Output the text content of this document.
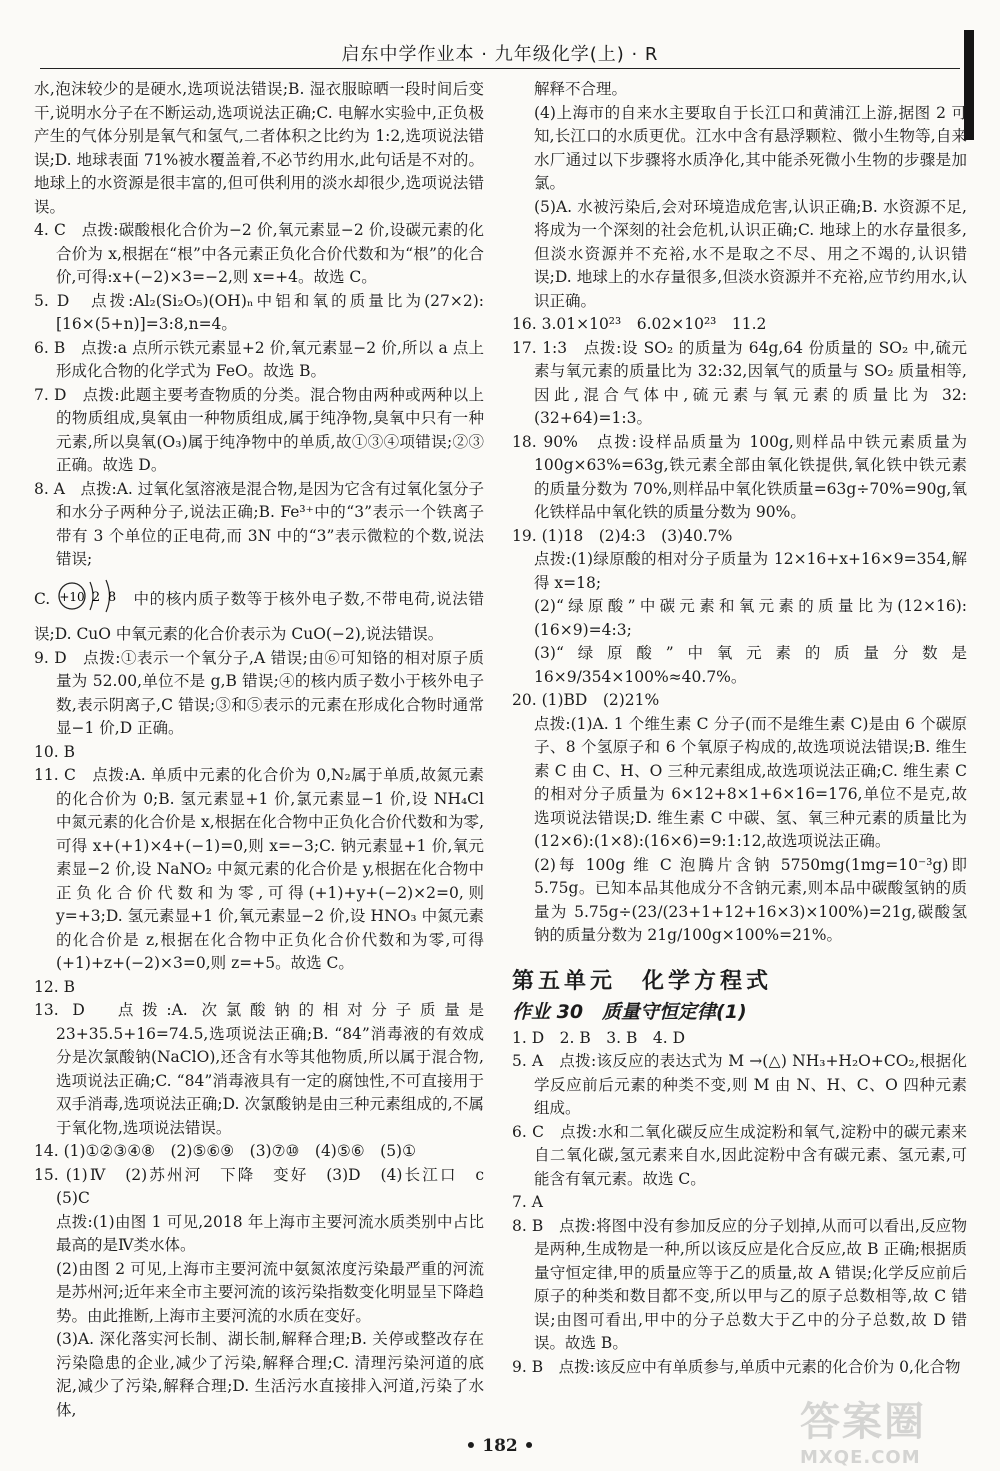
启东中学作业本 · 九年级化学(上) · R

水,泡沫较少的是硬水,选项说法错误;B. 湿衣服晾晒一段时间后变干,说明水分子在不断运动,选项说法正确;C. 电解水实验中,正负极产生的气体分别是氧气和氢气,二者体积之比约为 1:2,选项说法错误;D. 地球表面 71%被水覆盖着,不必节约用水,此句话是不对的。地球上的水资源是很丰富的,但可供利用的淡水却很少,选项说法错误。

4. C　点拨:碳酸根化合价为−2 价,氧元素显−2 价,设碳元素的化合价为 x,根据在“根”中各元素正负化合价代数和为“根”的化合价,可得:x+(−2)×3=−2,则 x=+4。故选 C。

5. D　点拨:Al₂(Si₂O₅)(OH)ₙ中铝和氧的质量比为(27×2):[16×(5+n)]=3:8,n=4。

6. B　点拨:a 点所示铁元素显+2 价,氧元素显−2 价,所以 a 点上形成化合物的化学式为 FeO。故选 B。

7. D　点拨:此题主要考查物质的分类。混合物由两种或两种以上的物质组成,臭氧由一种物质组成,属于纯净物,臭氧中只有一种元素,所以臭氧(O₃)属于纯净物中的单质,故①③④项错误;②③正确。故选 D。

8. A　点拨:A. 过氧化氢溶液是混合物,是因为它含有过氧化氢分子和水分子两种分子,说法正确;B. Fe³⁺中的“3”表示一个铁离子带有 3 个单位的正电荷,而 3N 中的“3”表示微粒的个数,说法错误;

C. +10 2 8 中的核内质子数等于核外电子数,不带电荷,说法错误;D. CuO 中氧元素的化合价表示为 CuO(−2),说法错误。

9. D　点拨:①表示一个氧分子,A 错误;由⑥可知铬的相对原子质量为 52.00,单位不是 g,B 错误;④的核内质子数小于核外电子数,表示阴离子,C 错误;③和⑤表示的元素在形成化合物时通常显−1 价,D 正确。

10. B

11. C　点拨:A. 单质中元素的化合价为 0,N₂属于单质,故氮元素的化合价为 0;B. 氢元素显+1 价,氯元素显−1 价,设 NH₄Cl 中氮元素的化合价是 x,根据在化合物中正负化合价代数和为零,可得 x+(+1)×4+(−1)=0,则 x=−3;C. 钠元素显+1 价,氧元素显−2 价,设 NaNO₂ 中氮元素的化合价是 y,根据在化合物中正负化合价代数和为零,可得(+1)+y+(−2)×2=0,则 y=+3;D. 氢元素显+1 价,氧元素显−2 价,设 HNO₃ 中氮元素的化合价是 z,根据在化合物中正负化合价代数和为零,可得(+1)+z+(−2)×3=0,则 z=+5。故选 C。

12. B

13. D　点拨:A. 次氯酸钠的相对分子质量是 23+35.5+16=74.5,选项说法正确;B. “84”消毒液的有效成分是次氯酸钠(NaClO),还含有水等其他物质,所以属于混合物,选项说法正确;C. “84”消毒液具有一定的腐蚀性,不可直接用于双手消毒,选项说法正确;D. 次氯酸钠是由三种元素组成的,不属于氧化物,选项说法错误。

14. (1)①②③④⑧　(2)⑤⑥⑨　(3)⑦⑩　(4)⑤⑥　(5)①

15. (1)Ⅳ　(2)苏州河　下降　变好　(3)D　(4)长江口　c　(5)C

点拨:(1)由图 1 可见,2018 年上海市主要河流水质类别中占比最高的是Ⅳ类水体。

(2)由图 2 可见,上海市主要河流中氨氮浓度污染最严重的河流是苏州河;近年来全市主要河流的该污染指数变化明显呈下降趋势。由此推断,上海市主要河流的水质在变好。

(3)A. 深化落实河长制、湖长制,解释合理;B. 关停或整改存在污染隐患的企业,减少了污染,解释合理;C. 清理污染河道的底泥,减少了污染,解释合理;D. 生活污水直接排入河道,污染了水体,

解释不合理。

(4)上海市的自来水主要取自于长江口和黄浦江上游,据图 2 可知,长江口的水质更优。江水中含有悬浮颗粒、微小生物等,自来水厂通过以下步骤将水质净化,其中能杀死微小生物的步骤是加氯。

(5)A. 水被污染后,会对环境造成危害,认识正确;B. 水资源不足,将成为一个深刻的社会危机,认识正确;C. 地球上的水存量很多,但淡水资源并不充裕,水不是取之不尽、用之不竭的,认识错误;D. 地球上的水存量很多,但淡水资源并不充裕,应节约用水,认识正确。

16. 3.01×10²³　6.02×10²³　11.2

17. 1:3　点拨:设 SO₂ 的质量为 64g,64 份质量的 SO₂ 中,硫元素与氧元素的质量比为 32:32,因氧气的质量与 SO₂ 质量相等,因此,混合气体中,硫元素与氧元素的质量比为 32:(32+64)=1:3。

18. 90%　点拨:设样品质量为 100g,则样品中铁元素质量为 100g×63%=63g,铁元素全部由氧化铁提供,氧化铁中铁元素的质量分数为 70%,则样品中氧化铁质量=63g÷70%=90g,氧化铁样品中氧化铁的质量分数为 90%。

19. (1)18　(2)4:3　(3)40.7%

点拨:(1)绿原酸的相对分子质量为 12×16+x+16×9=354,解得 x=18;

(2)“绿原酸”中碳元素和氧元素的质量比为(12×16):(16×9)=4:3;

(3)“绿原酸”中氧元素的质量分数是 16×9/354×100%≈40.7%。

20. (1)BD　(2)21%

点拨:(1)A. 1 个维生素 C 分子(而不是维生素 C)是由 6 个碳原子、8 个氢原子和 6 个氧原子构成的,故选项说法错误;B. 维生素 C 由 C、H、O 三种元素组成,故选项说法正确;C. 维生素 C 的相对分子质量为 6×12+8×1+6×16=176,单位不是克,故选项说法错误;D. 维生素 C 中碳、氢、氧三种元素的质量比为(12×6):(1×8):(16×6)=9:1:12,故选项说法正确。

(2)每 100g 维 C 泡腾片含钠 5750mg(1mg=10⁻³g)即 5.75g。已知本品其他成分不含钠元素,则本品中碳酸氢钠的质量为 5.75g÷(23/(23+1+12+16×3)×100%)=21g,碳酸氢钠的质量分数为 21g/100g×100%=21%。

第五单元　化学方程式
作业 30　质量守恒定律(1)

1. D　2. B　3. B　4. D

5. A　点拨:该反应的表达式为 M →(△) NH₃+H₂O+CO₂,根据化学反应前后元素的种类不变,则 M 由 N、H、C、O 四种元素组成。

6. C　点拨:水和二氧化碳反应生成淀粉和氧气,淀粉中的碳元素来自二氧化碳,氢元素来自水,因此淀粉中含有碳元素、氢元素,可能含有氧元素。故选 C。

7. A

8. B　点拨:将图中没有参加反应的分子划掉,从而可以看出,反应物是两种,生成物是一种,所以该反应是化合反应,故 B 正确;根据质量守恒定律,甲的质量应等于乙的质量,故 A 错误;化学反应前后原子的种类和数目都不变,所以甲与乙的原子总数相等,故 C 错误;由图可看出,甲中的分子总数大于乙中的分子总数,故 D 错误。故选 B。

9. B　点拨:该反应中有单质参与,单质中元素的化合价为 0,化合物

• 182 •
答案圈
MXQE.COM
